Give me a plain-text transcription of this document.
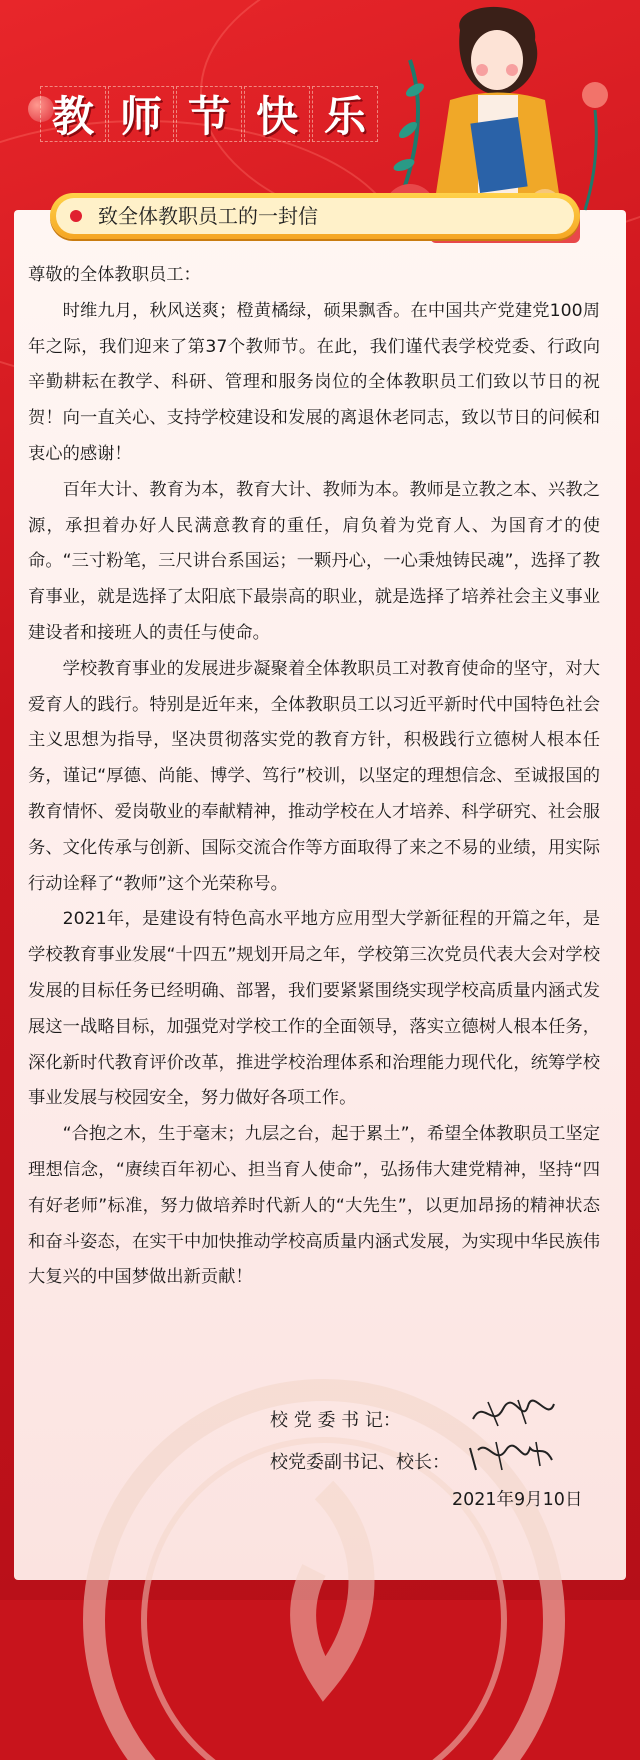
教 师 节 快 乐
致全体教职员工的一封信

尊敬的全体教职员工：

时维九月，秋风送爽；橙黄橘绿，硕果飘香。在中国共产党建党100周年之际，我们迎来了第37个教师节。在此，我们谨代表学校党委、行政向辛勤耕耘在教学、科研、管理和服务岗位的全体教职员工们致以节日的祝贺！向一直关心、支持学校建设和发展的离退休老同志，致以节日的问候和衷心的感谢！

百年大计、教育为本，教育大计、教师为本。教师是立教之本、兴教之源，承担着办好人民满意教育的重任，肩负着为党育人、为国育才的使命。“三寸粉笔，三尺讲台系国运；一颗丹心，一心秉烛铸民魂”，选择了教育事业，就是选择了太阳底下最崇高的职业，就是选择了培养社会主义事业建设者和接班人的责任与使命。

学校教育事业的发展进步凝聚着全体教职员工对教育使命的坚守，对大爱育人的践行。特别是近年来，全体教职员工以习近平新时代中国特色社会主义思想为指导，坚决贯彻落实党的教育方针，积极践行立德树人根本任务，谨记“厚德、尚能、博学、笃行”校训，以坚定的理想信念、至诚报国的教育情怀、爱岗敬业的奉献精神，推动学校在人才培养、科学研究、社会服务、文化传承与创新、国际交流合作等方面取得了来之不易的业绩，用实际行动诠释了“教师”这个光荣称号。

2021年，是建设有特色高水平地方应用型大学新征程的开篇之年，是学校教育事业发展“十四五”规划开局之年，学校第三次党员代表大会对学校发展的目标任务已经明确、部署，我们要紧紧围绕实现学校高质量内涵式发展这一战略目标，加强党对学校工作的全面领导，落实立德树人根本任务，深化新时代教育评价改革，推进学校治理体系和治理能力现代化，统筹学校事业发展与校园安全，努力做好各项工作。

“合抱之木，生于毫末；九层之台，起于累土”，希望全体教职员工坚定理想信念，“赓续百年初心、担当育人使命”，弘扬伟大建党精神，坚持“四有好老师”标准，努力做培养时代新人的“大先生”，以更加昂扬的精神状态和奋斗姿态，在实干中加快推动学校高质量内涵式发展，为实现中华民族伟大复兴的中国梦做出新贡献！

校 党 委 书 记：
校党委副书记、校长：
2021年9月10日
